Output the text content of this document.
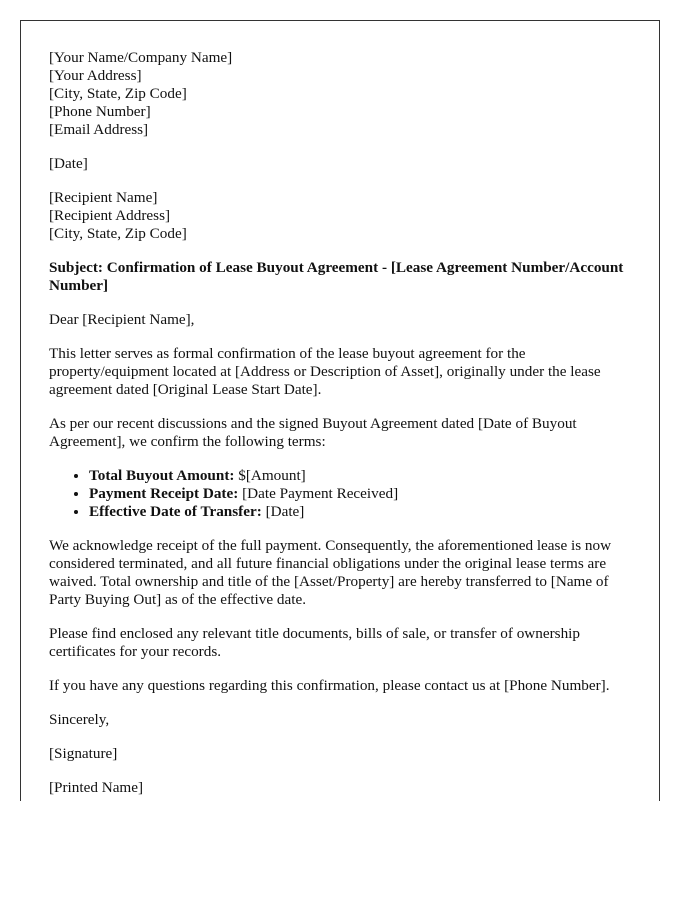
[Your Name/Company Name]
[Your Address]
[City, State, Zip Code]
[Phone Number]
[Email Address]
[Date]
[Recipient Name]
[Recipient Address]
[City, State, Zip Code]

Subject: Confirmation of Lease Buyout Agreement - [Lease Agreement Number/Account Number]

Dear [Recipient Name],

This letter serves as formal confirmation of the lease buyout agreement for the property/equipment located at [Address or Description of Asset], originally under the lease agreement dated [Original Lease Start Date].

As per our recent discussions and the signed Buyout Agreement dated [Date of Buyout Agreement], we confirm the following terms:

• Total Buyout Amount: $[Amount]
• Payment Receipt Date: [Date Payment Received]
• Effective Date of Transfer: [Date]

We acknowledge receipt of the full payment. Consequently, the aforementioned lease is now considered terminated, and all future financial obligations under the original lease terms are waived. Total ownership and title of the [Asset/Property] are hereby transferred to [Name of Party Buying Out] as of the effective date.

Please find enclosed any relevant title documents, bills of sale, or transfer of ownership certificates for your records.

If you have any questions regarding this confirmation, please contact us at [Phone Number].

Sincerely,

[Signature]

[Printed Name]
